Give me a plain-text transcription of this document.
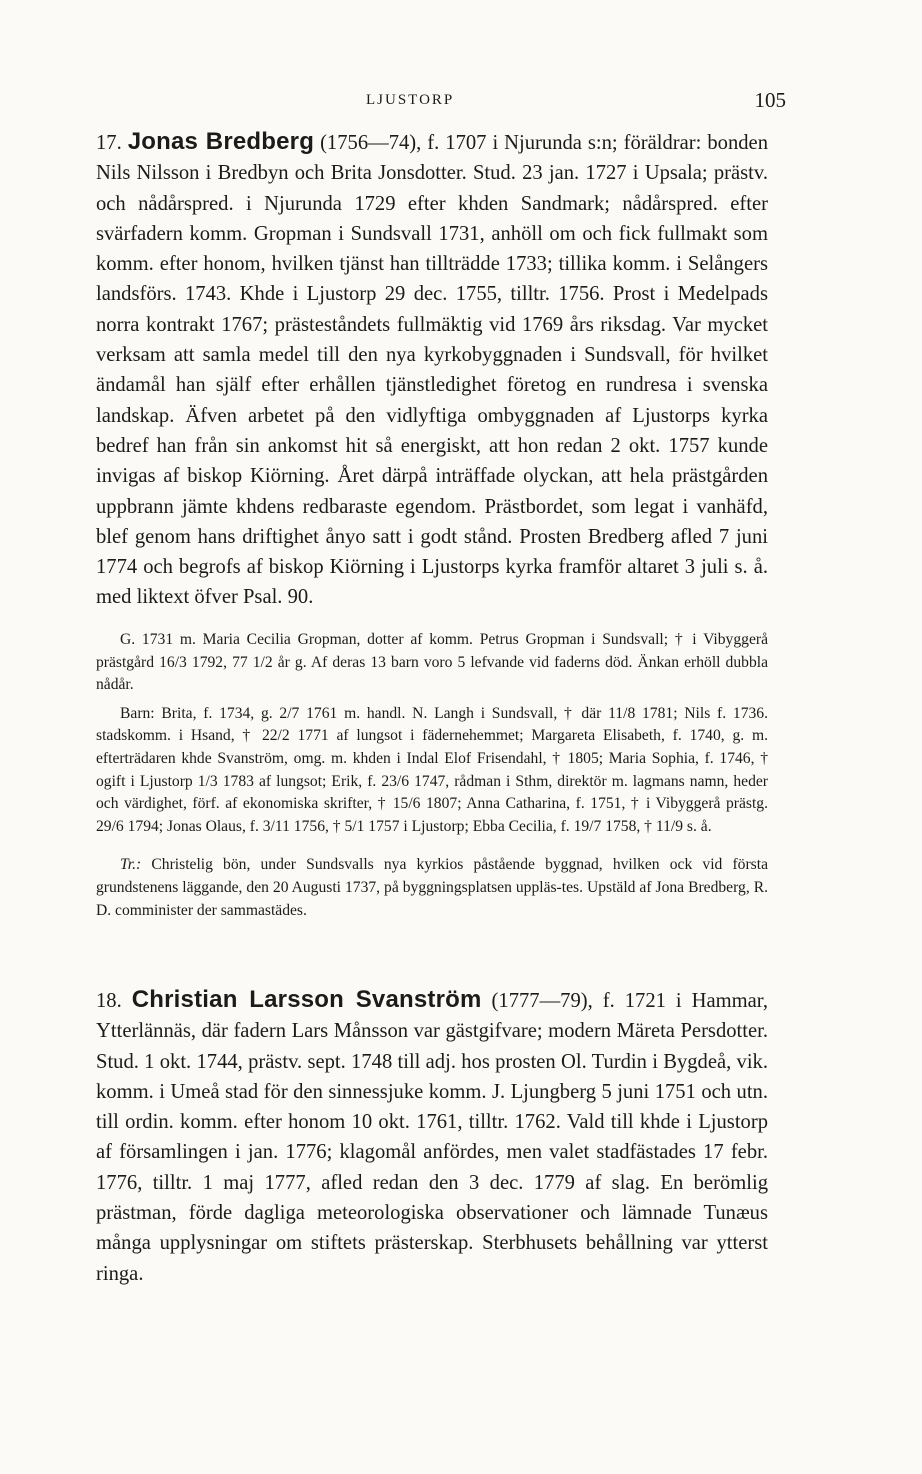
LJUSTORP	105

17. Jonas Bredberg (1756—74), f. 1707 i Njurunda s:n; föräldrar: bonden Nils Nilsson i Bredbyn och Brita Jonsdotter. Stud. 23 jan. 1727 i Upsala; prästv. och nådårspred. i Njurunda 1729 efter khden Sandmark; nådårspred. efter svärfadern komm. Gropman i Sundsvall 1731, anhöll om och fick fullmakt som komm. efter honom, hvilken tjänst han tillträdde 1733; tillika komm. i Selångers landsförs. 1743. Khde i Ljustorp 29 dec. 1755, tilltr. 1756. Prost i Medelpads norra kontrakt 1767; prästeståndets fullmäktig vid 1769 års riksdag. Var mycket verksam att samla medel till den nya kyrkobyggnaden i Sundsvall, för hvilket ändamål han själf efter erhållen tjänstledighet företog en rundresa i svenska landskap. Äfven arbetet på den vidlyftiga ombyggnaden af Ljustorps kyrka bedref han från sin ankomst hit så energiskt, att hon redan 2 okt. 1757 kunde invigas af biskop Kiörning. Året därpå inträffade olyckan, att hela prästgården uppbrann jämte khdens redbaraste egendom. Prästbordet, som legat i vanhäfd, blef genom hans driftighet ånyo satt i godt stånd. Prosten Bredberg afled 7 juni 1774 och begrofs af biskop Kiörning i Ljustorps kyrka framför altaret 3 juli s. å. med liktext öfver Psal. 90.

G. 1731 m. Maria Cecilia Gropman, dotter af komm. Petrus Gropman i Sundsvall; † i Vibyggerå prästgård 16/3 1792, 77 1/2 år g. Af deras 13 barn voro 5 lefvande vid faderns död. Änkan erhöll dubbla nådår.

Barn: Brita, f. 1734, g. 2/7 1761 m. handl. N. Langh i Sundsvall, † där 11/8 1781; Nils f. 1736. stadskomm. i Hsand, † 22/2 1771 af lungsot i fädernehemmet; Margareta Elisabeth, f. 1740, g. m. efterträdaren khde Svanström, omg. m. khden i Indal Elof Frisendahl, † 1805; Maria Sophia, f. 1746, † ogift i Ljustorp 1/3 1783 af lungsot; Erik, f. 23/6 1747, rådman i Sthm, direktör m. lagmans namn, heder och värdighet, förf. af ekonomiska skrifter, † 15/6 1807; Anna Catharina, f. 1751, † i Vibyggerå prästg. 29/6 1794; Jonas Olaus, f. 3/11 1756, † 5/1 1757 i Ljustorp; Ebba Cecilia, f. 19/7 1758, † 11/9 s. å.

Tr.: Christelig bön, under Sundsvalls nya kyrkios påstående byggnad, hvilken ock vid första grundstenens läggande, den 20 Augusti 1737, på byggningsplatsen uppläs-tes. Upstäld af Jona Bredberg, R. D. comminister der sammastädes.

18. Christian Larsson Svanström (1777—79), f. 1721 i Hammar, Ytterlännäs, där fadern Lars Månsson var gästgifvare; modern Märeta Persdotter. Stud. 1 okt. 1744, prästv. sept. 1748 till adj. hos prosten Ol. Turdin i Bygdeå, vik. komm. i Umeå stad för den sinnessjuke komm. J. Ljungberg 5 juni 1751 och utn. till ordin. komm. efter honom 10 okt. 1761, tilltr. 1762. Vald till khde i Ljustorp af församlingen i jan. 1776; klagomål anfördes, men valet stadfästades 17 febr. 1776, tilltr. 1 maj 1777, afled redan den 3 dec. 1779 af slag. En berömlig prästman, förde dagliga meteorologiska observationer och lämnade Tunæus många upplysningar om stiftets prästerskap. Sterbhusets behållning var ytterst ringa.
